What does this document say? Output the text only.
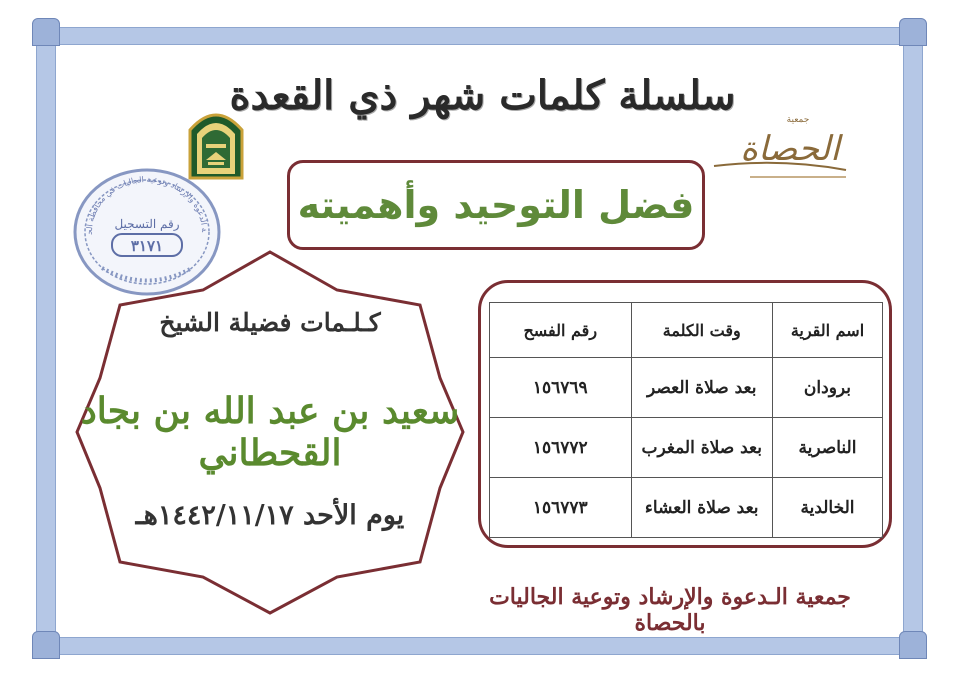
سلسلة كلمات شهر ذي القعدة
جمعية
الحصاة
ة الدعوة والإرشاد وتوعية الجاليات في محافظة الح
رقم التسجيل
٣١٧١
فضل التوحيد وأهميته
كـلـمات فضيلة الشيخ
سعيد بن عبد الله بن بجاد القحطاني
يوم الأحد ١٤٤٢/١١/١٧هـ
اسم القرية	وقت الكلمة	رقم الفسح
برودان	بعد صلاة العصر	١٥٦٧٦٩
الناصرية	بعد صلاة المغرب	١٥٦٧٧٢
الخالدية	بعد صلاة العشاء	١٥٦٧٧٣
جمعية الـدعوة والإرشاد وتوعية الجاليات بالحصاة
